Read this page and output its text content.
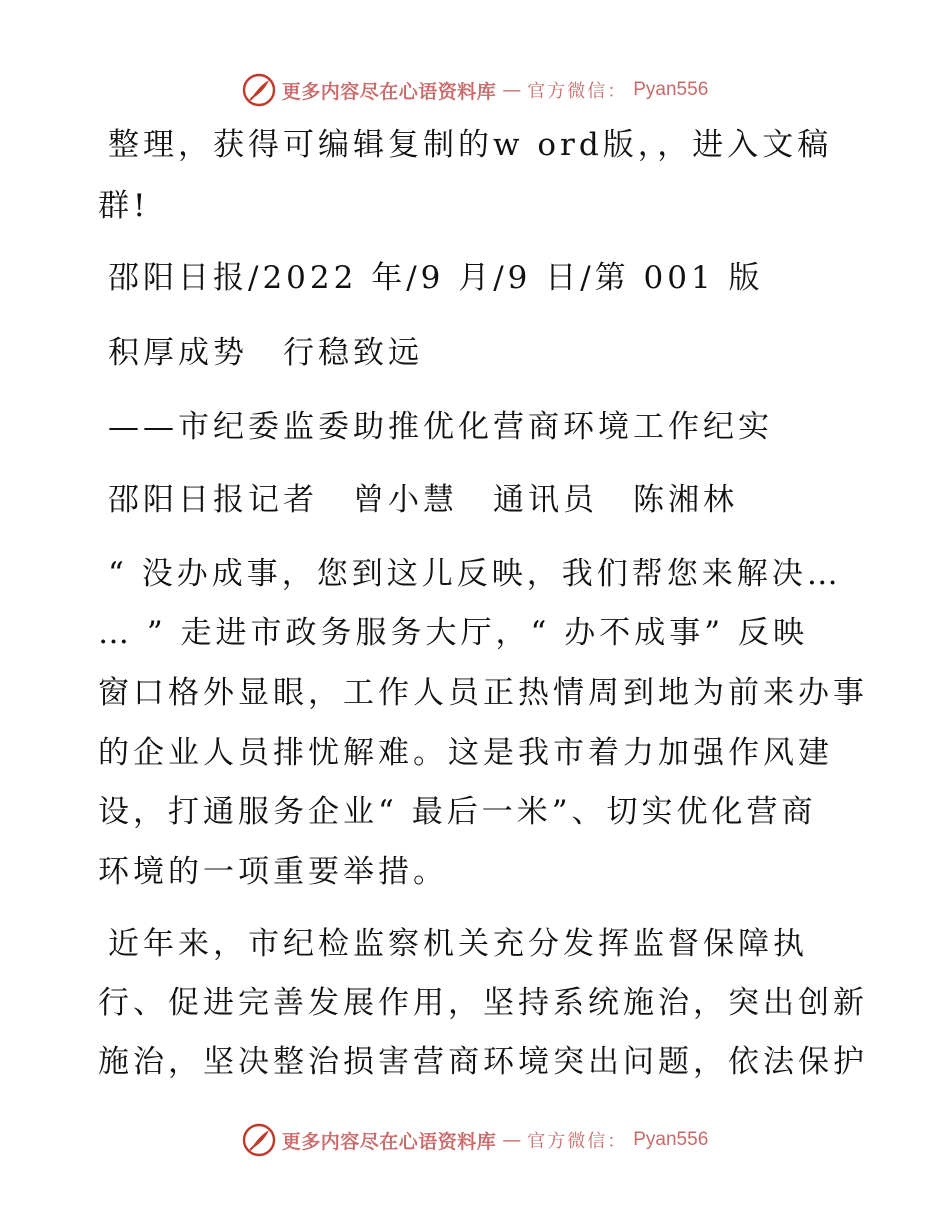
更多内容尽在心语资料库 — 官方微信： Pyan556
整理，获得可编辑复制的w ord版，，进入文稿
群!
邵阳日报/2022 年/9 月/9 日/第 001 版
积厚成势　行稳致远
——市纪委监委助推优化营商环境工作纪实
邵阳日报记者　曾小慧　通讯员　陈湘林
“ 没办成事，您到这儿反映，我们帮您来解决…
… ” 走进市政务服务大厅，“ 办不成事” 反映
窗口格外显眼，工作人员正热情周到地为前来办事
的企业人员排忧解难。这是我市着力加强作风建
设，打通服务企业“ 最后一米”、切实优化营商
环境的一项重要举措。
近年来，市纪检监察机关充分发挥监督保障执
行、促进完善发展作用，坚持系统施治，突出创新
施治，坚决整治损害营商环境突出问题，依法保护
更多内容尽在心语资料库 — 官方微信： Pyan556
